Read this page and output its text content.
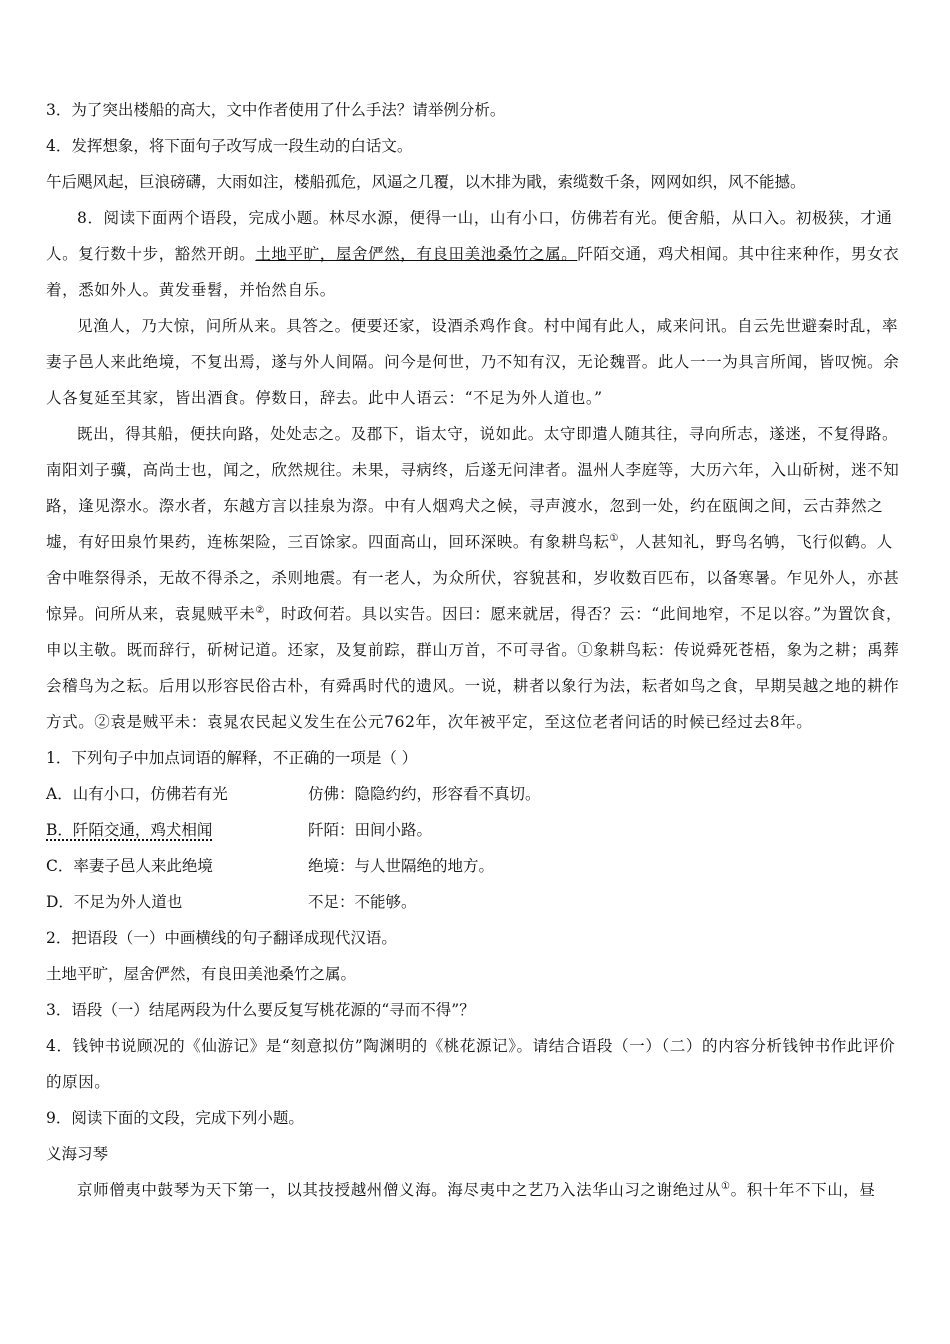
3．为了突出楼船的高大，文中作者使用了什么手法？请举例分析。
4．发挥想象，将下面句子改写成一段生动的白话文。
午后飓风起，巨浪磅礴，大雨如注，楼船孤危，风逼之几覆，以木排为戙，索缆数千条，网网如织，风不能撼。
8．阅读下面两个语段，完成小题。林尽水源，便得一山，山有小口，仿佛若有光。便舍船，从口入。初极狭，才通人。复行数十步，豁然开朗。土地平旷，屋舍俨然，有良田美池桑竹之属。阡陌交通，鸡犬相闻。其中往来种作，男女衣着，悉如外人。黄发垂髫，并怡然自乐。
见渔人，乃大惊，问所从来。具答之。便要还家，设酒杀鸡作食。村中闻有此人，咸来问讯。自云先世避秦时乱，率妻子邑人来此绝境，不复出焉，遂与外人间隔。问今是何世，乃不知有汉，无论魏晋。此人一一为具言所闻，皆叹惋。余人各复延至其家，皆出酒食。停数日，辞去。此中人语云：“不足为外人道也。”
既出，得其船，便扶向路，处处志之。及郡下，诣太守，说如此。太守即遣人随其往，寻向所志，遂迷，不复得路。南阳刘子骥，高尚士也，闻之，欣然规往。未果，寻病终，后遂无问津者。温州人李庭等，大历六年，入山斫树，迷不知路，逢见漈水。漈水者，东越方言以挂泉为漈。中有人烟鸡犬之候，寻声渡水，忽到一处，约在瓯闽之间，云古莽然之墟，有好田泉竹果药，连栋架险，三百馀家。四面高山，回环深映。有象耕鸟耘①，人甚知礼，野鸟名鸲，飞行似鹤。人舍中唯祭得杀，无故不得杀之，杀则地震。有一老人，为众所伏，容貌甚和，岁收数百匹布，以备寒暑。乍见外人，亦甚惊异。问所从来，袁晁贼平未②，时政何若。具以实告。因曰：愿来就居，得否？云：“此间地窄，不足以容。”为置饮食，申以主敬。既而辞行，斫树记道。还家，及复前踪，群山万首，不可寻省。①象耕鸟耘：传说舜死苍梧，象为之耕；禹葬会稽鸟为之耘。后用以形容民俗古朴，有舜禹时代的遗风。一说，耕者以象行为法，耘者如鸟之食，早期吴越之地的耕作方式。②袁是贼平未：袁晁农民起义发生在公元762年，次年被平定，至这位老者问话的时候已经过去8年。
1．下列句子中加点词语的解释，不正确的一项是（ ）
A．山有小口，仿佛若有光	仿佛：隐隐约约，形容看不真切。
B．阡陌交通，鸡犬相闻	阡陌：田间小路。
C．率妻子邑人来此绝境	绝境：与人世隔绝的地方。
D．不足为外人道也	不足：不能够。
2．把语段（一）中画横线的句子翻译成现代汉语。
土地平旷，屋舍俨然，有良田美池桑竹之属。
3．语段（一）结尾两段为什么要反复写桃花源的“寻而不得”？
4．钱钟书说顾况的《仙游记》是“刻意拟仿”陶渊明的《桃花源记》。请结合语段（一）（二）的内容分析钱钟书作此评价的原因。
9．阅读下面的文段，完成下列小题。
义海习琴
京师僧夷中鼓琴为天下第一，以其技授越州僧义海。海尽夷中之艺乃入法华山习之谢绝过从①。积十年不下山，昼
